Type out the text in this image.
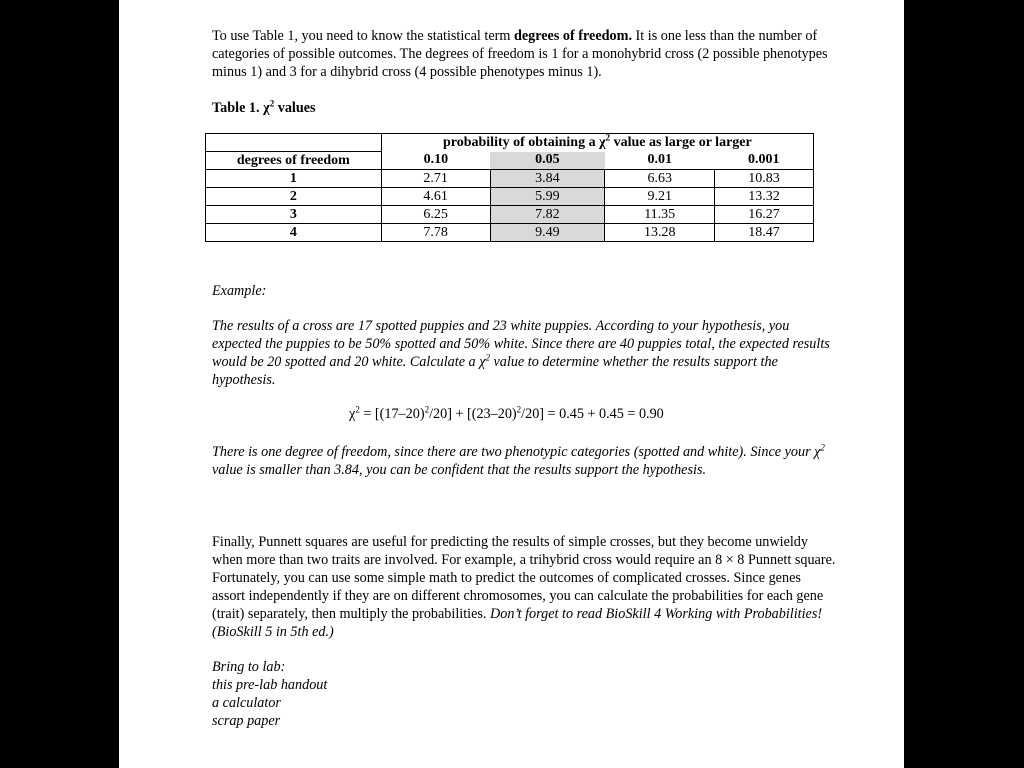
To use Table 1, you need to know the statistical term degrees of freedom. It is one less than the number of categories of possible outcomes. The degrees of freedom is 1 for a monohybrid cross (2 possible phenotypes minus 1) and 3 for a dihybrid cross (4 possible phenotypes minus 1).
Table 1. $\chi^2$ values
	probability of obtaining a $\chi^2$ value as large or larger			
degrees of freedom	0.10	0.05	0.01	0.001
1	2.71	3.84	6.63	10.83
2	4.61	5.99	9.21	13.32
3	6.25	7.82	11.35	16.27
4	7.78	9.49	13.28	18.47
Example:
The results of a cross are 17 spotted puppies and 23 white puppies. According to your hypothesis, you expected the puppies to be 50% spotted and 50% white. Since there are 40 puppies total, the expected results would be 20 spotted and 20 white. Calculate a $\chi^2$ value to determine whether the results support the hypothesis.
$\chi^2 = [(17-20)^2/20] + [(23-20)^2/20] = 0.45 + 0.45 = 0.90$
There is one degree of freedom, since there are two phenotypic categories (spotted and white). Since your $\chi^2$ value is smaller than 3.84, you can be confident that the results support the hypothesis.
Finally, Punnett squares are useful for predicting the results of simple crosses, but they become unwieldy when more than two traits are involved. For example, a trihybrid cross would require an 8 × 8 Punnett square. Fortunately, you can use some simple math to predict the outcomes of complicated crosses. Since genes assort independently if they are on different chromosomes, you can calculate the probabilities for each gene (trait) separately, then multiply the probabilities. Don’t forget to read BioSkill 4 Working with Probabilities! (BioSkill 5 in 5th ed.)
Bring to lab:
this pre-lab handout
a calculator
scrap paper
